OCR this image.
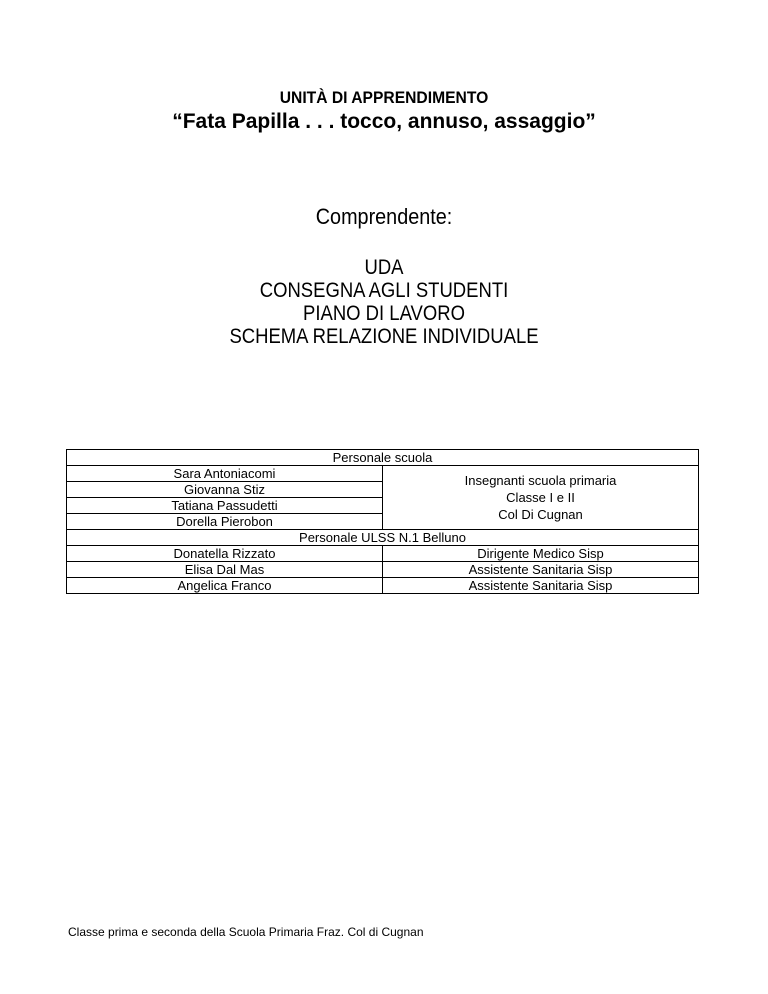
UNITÀ DI APPRENDIMENTO
“Fata Papilla . . . tocco, annuso, assaggio”
Comprendente:
UDA
CONSEGNA AGLI STUDENTI
PIANO DI LAVORO
SCHEMA RELAZIONE INDIVIDUALE
Personale scuola	
Sara Antoniacomi	Insegnanti scuola primaria
Classe I e II
Col Di Cugnan

Giovanna Stiz	
Tatiana Passudetti	
Dorella Pierobon	
Personale ULSS N.1 Belluno	
Donatella Rizzato	Dirigente Medico Sisp
Elisa Dal Mas	Assistente Sanitaria Sisp
Angelica Franco	Assistente Sanitaria Sisp
Classe prima e seconda della Scuola Primaria Fraz. Col di Cugnan
